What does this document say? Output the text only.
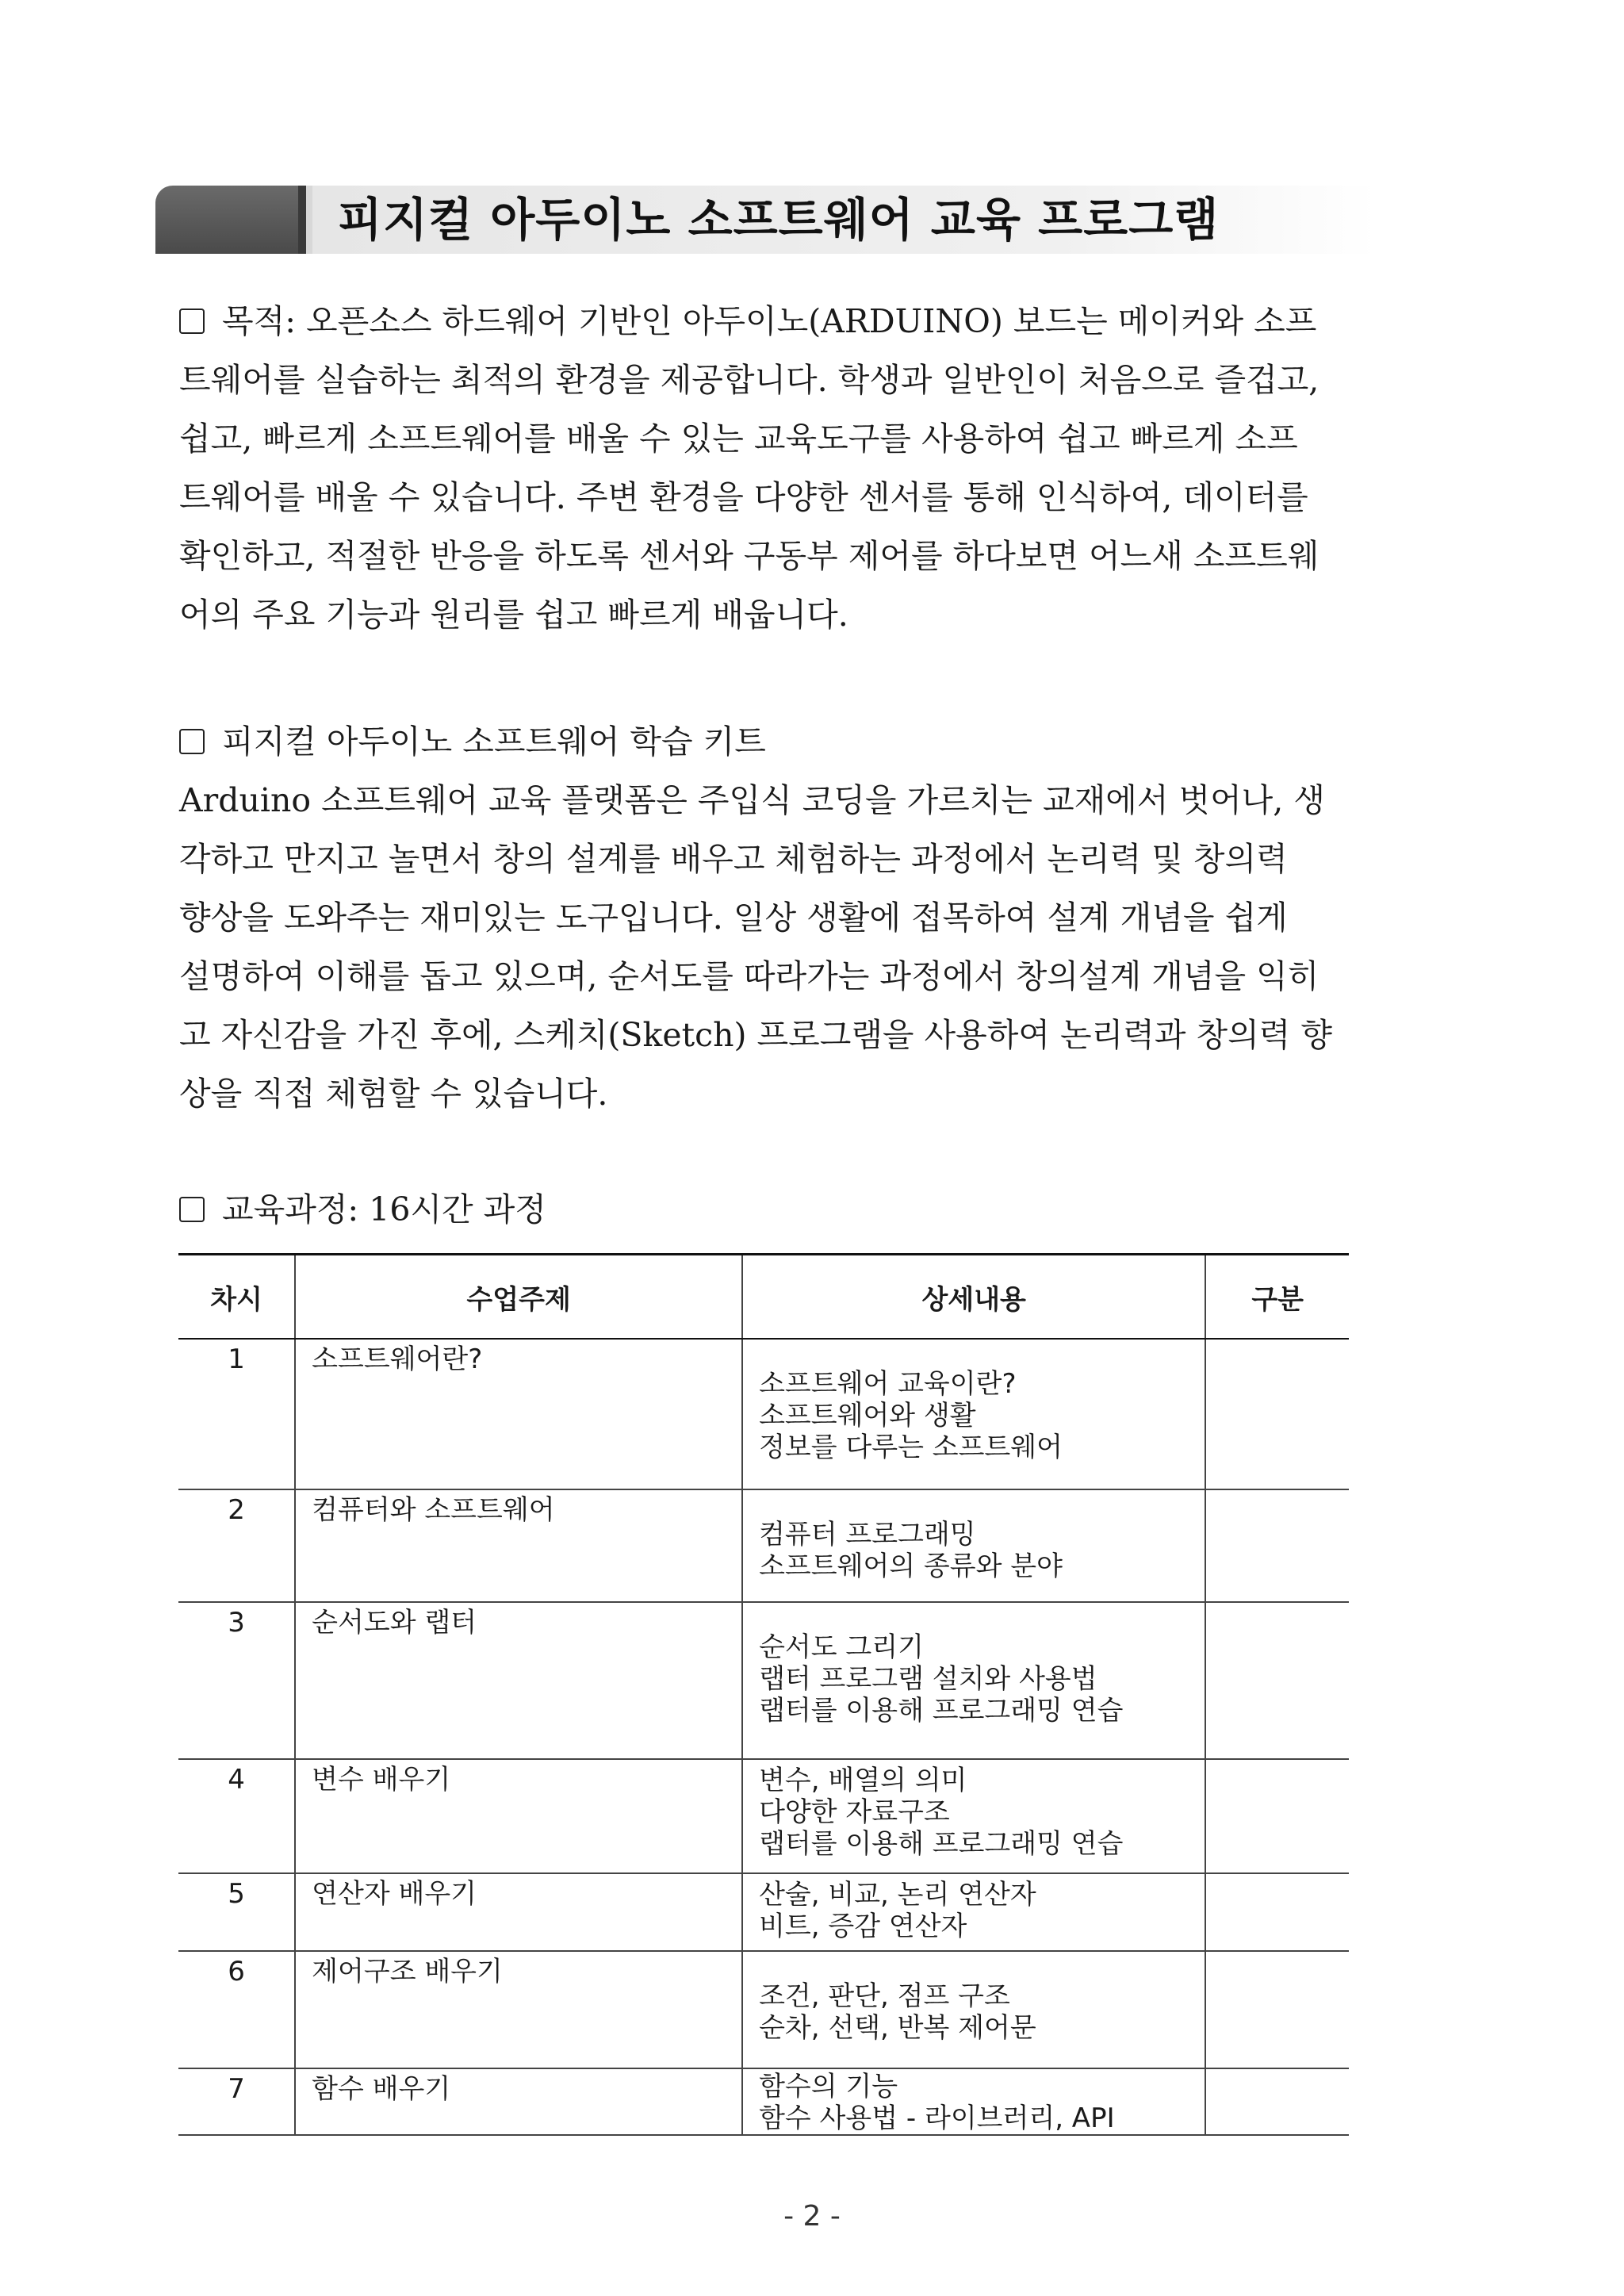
피지컬 아두이노 소프트웨어 교육 프로그램
목적: 오픈소스 하드웨어 기반인 아두이노(ARDUINO) 보드는 메이커와 소프
트웨어를 실습하는 최적의 환경을 제공합니다. 학생과 일반인이 처음으로 즐겁고,
쉽고, 빠르게 소프트웨어를 배울 수 있는 교육도구를 사용하여 쉽고 빠르게 소프
트웨어를 배울 수 있습니다. 주변 환경을 다양한 센서를 통해 인식하여, 데이터를
확인하고, 적절한 반응을 하도록 센서와 구동부 제어를 하다보면 어느새 소프트웨
어의 주요 기능과 원리를 쉽고 빠르게 배웁니다.
피지컬 아두이노 소프트웨어 학습 키트
Arduino 소프트웨어 교육 플랫폼은 주입식 코딩을 가르치는 교재에서 벗어나, 생
각하고 만지고 놀면서 창의 설계를 배우고 체험하는 과정에서 논리력 및 창의력
향상을 도와주는 재미있는 도구입니다. 일상 생활에 접목하여 설계 개념을 쉽게
설명하여 이해를 돕고 있으며, 순서도를 따라가는 과정에서 창의설계 개념을 익히
고 자신감을 가진 후에, 스케치(Sketch) 프로그램을 사용하여 논리력과 창의력 향
상을 직접 체험할 수 있습니다.
교육과정: 16시간 과정
차시	수업주제	상세내용	구분
1	소프트웨어란?	소프트웨어 교육이란?
소프트웨어와 생활
정보를 다루는 소프트웨어	

2	컴퓨터와 소프트웨어	컴퓨터 프로그래밍
소프트웨어의 종류와 분야	

3	순서도와 랩터	순서도 그리기
랩터 프로그램 설치와 사용법
랩터를 이용해 프로그래밍 연습	

4	변수 배우기	변수, 배열의 의미
다양한 자료구조
랩터를 이용해 프로그래밍 연습	

5	연산자 배우기	산술, 비교, 논리 연산자
비트, 증감 연산자	

6	제어구조 배우기	조건, 판단, 점프 구조
순차, 선택, 반복 제어문	

7	함수 배우기	함수의 기능
함수 사용법 - 라이브러리, API	

- 2 -
